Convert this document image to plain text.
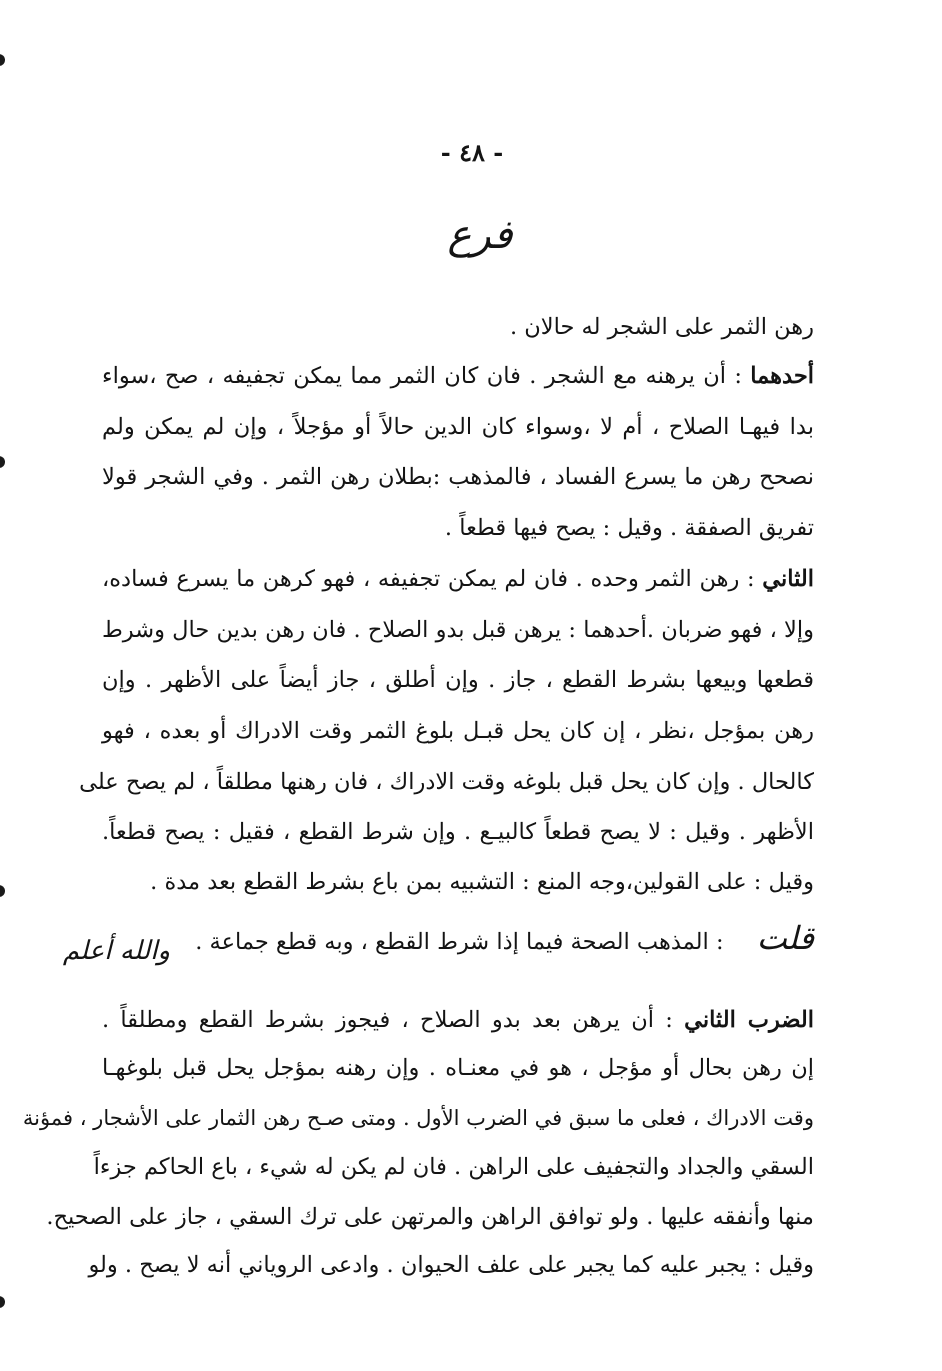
- ٤٨ -
فرع
رهن الثمر على الشجر له حالان .
أحدهما : أن يرهنه مع الشجر . فان كان الثمر مما يمكن تجفيفه ، صح ،سواء
بدا فيهـا الصلاح ، أم لا ،وسواء كان الدين حالاً أو مؤجلاً ، وإن لم يمكن ولم
نصحح رهن ما يسرع الفساد ، فالمذهب :بطلان رهن الثمر . وفي الشجر قولا
تفريق الصفقة . وقيل : يصح فيها قطعاً .
الثاني : رهن الثمر وحده . فان لم يمكن تجفيفه ، فهو كرهن ما يسرع فساده،
وإلا ، فهو ضربان .أحدهما : يرهن قبل بدو الصلاح . فان رهن بدين حال وشرط
قطعها وبيعها بشرط القطع ، جاز . وإن أطلق ، جاز أيضاً على الأظهر . وإن
رهن بمؤجل ،نظر ، إن كان يحل قبـل بلوغ الثمر وقت الادراك أو بعده ، فهو
كالحال . وإن كان يحل قبل بلوغه وقت الادراك ، فان رهنها مطلقاً ، لم يصح على
الأظهر . وقيل : لا يصح قطعاً كالبيـع . وإن شرط القطع ، فقيل : يصح قطعاً.
وقيل : على القولين،وجه المنع : التشبيه بمن باع بشرط القطع بعد مدة .
قلت : المذهب الصحة فيما إذا شرط القطع ، وبه قطع جماعة . والله أعلم
الضرب الثاني : أن يرهن بعد بدو الصلاح ، فيجوز بشرط القطع ومطلقاً .
إن رهن بحال أو مؤجل ، هو في معنـاه . وإن رهنه بمؤجل يحل قبل بلوغهـا
وقت الادراك ، فعلى ما سبق في الضرب الأول . ومتى صـح رهن الثمار على الأشجار ، فمؤنة
السقي والجداد والتجفيف على الراهن . فان لم يكن له شيء ، باع الحاكم جزءاً
منها وأنفقه عليها . ولو توافق الراهن والمرتهن على ترك السقي ، جاز على الصحيح.
وقيل : يجبر عليه كما يجبر على علف الحيوان . وادعى الروياني أنه لا يصح . ولو
